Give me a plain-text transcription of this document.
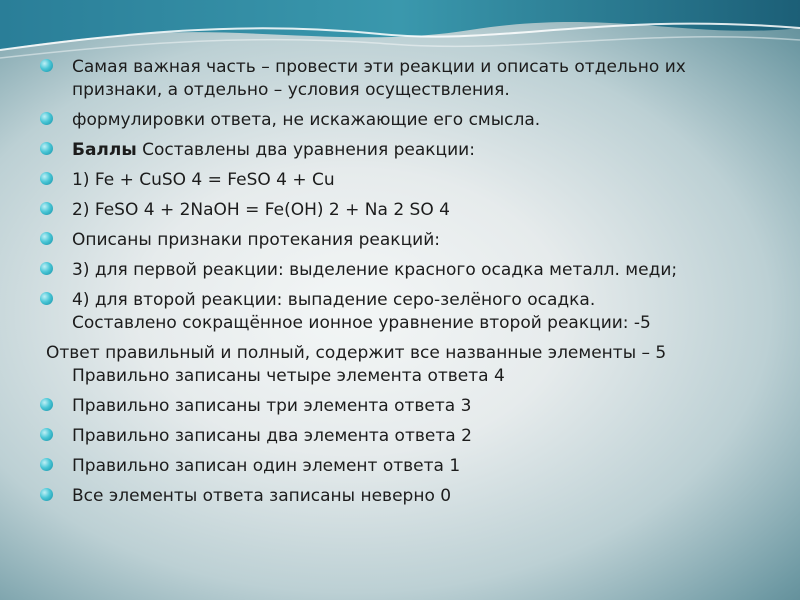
Самая важная часть – провести эти реакции и описать отдельно их
признаки, а отдельно – условия осуществления.
формулировки ответа, не искажающие его смысла.
Баллы Составлены два уравнения реакции:
1) Fe + CuSO 4 = FeSO 4 + Cu
2) FeSO 4 + 2NaOH = Fe(OH) 2 + Na 2 SO 4
Описаны признаки протекания реакций:
3) для первой реакции: выделение красного осадка металл. меди;
4) для второй реакции: выпадение серо-зелёного осадка.
Составлено сокращённое ионное уравнение второй реакции: -5
Ответ правильный и полный, содержит все названные элементы – 5
Правильно записаны четыре элемента ответа 4
Правильно записаны три элемента ответа 3
Правильно записаны два элемента ответа 2
Правильно записан один элемент ответа 1
Все элементы ответа записаны неверно 0
